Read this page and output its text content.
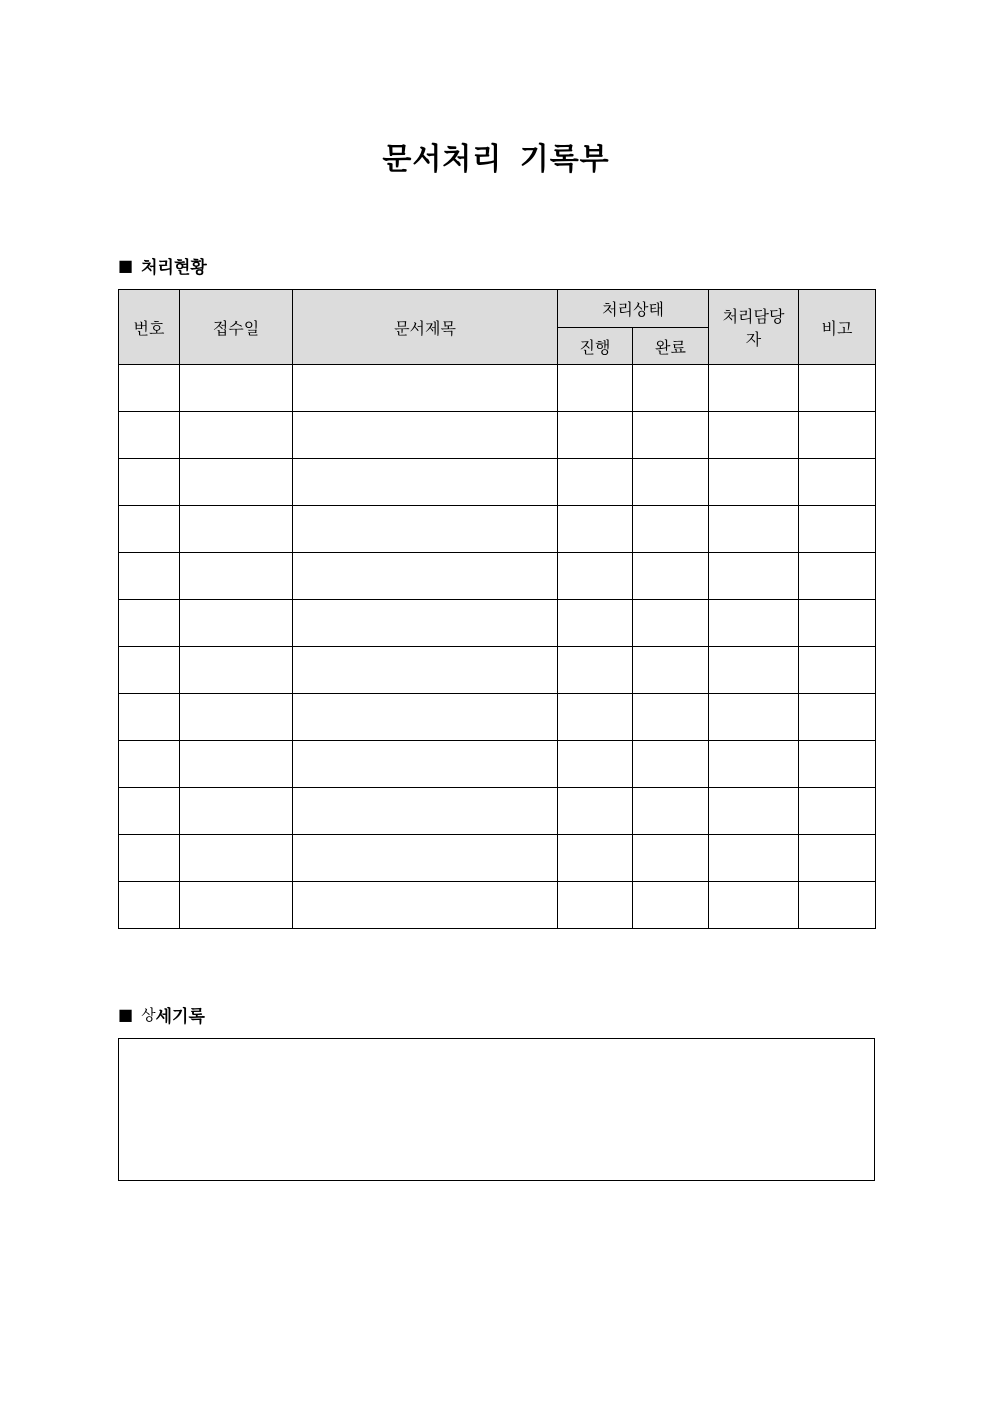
문서처리 기록부
■ 처리현황
번호	접수일	문서제목	처리상태		처리담당자	비고
			진행	완료		

■ 상 세기록
